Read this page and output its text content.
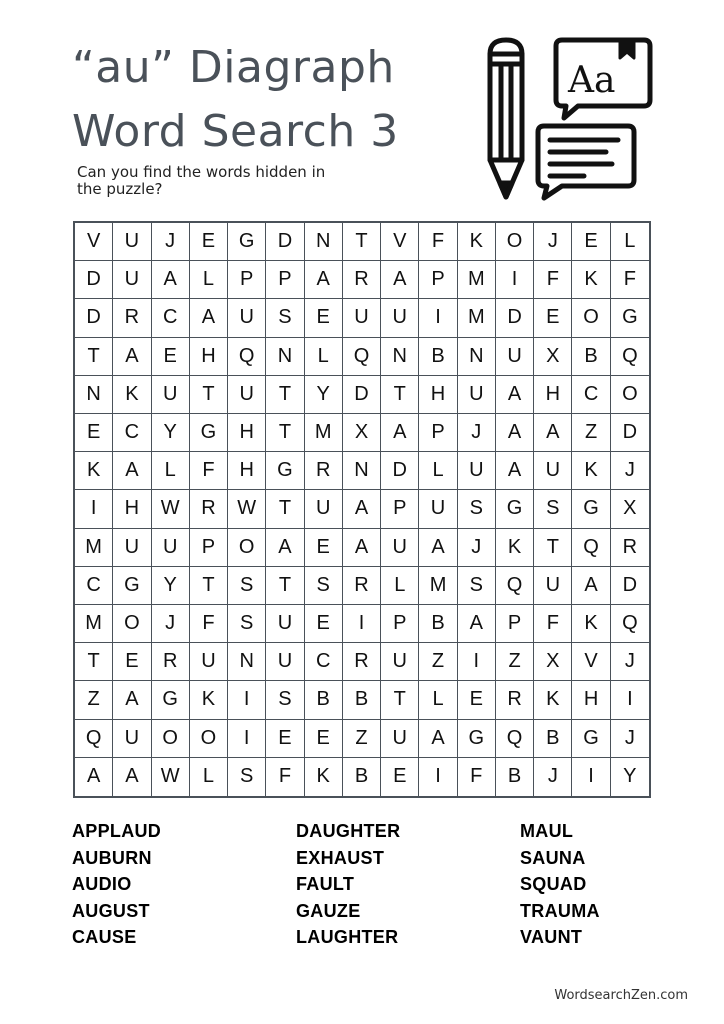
“au” Diagraph
Word Search 3
Can you find the words hidden in the puzzle?
Aa
V	U	J	E	G	D	N	T	V	F	K	O	J	E	L
D	U	A	L	P	P	A	R	A	P	M	I	F	K	F
D	R	C	A	U	S	E	U	U	I	M	D	E	O	G
T	A	E	H	Q	N	L	Q	N	B	N	U	X	B	Q
N	K	U	T	U	T	Y	D	T	H	U	A	H	C	O
E	C	Y	G	H	T	M	X	A	P	J	A	A	Z	D
K	A	L	F	H	G	R	N	D	L	U	A	U	K	J
I	H	W	R	W	T	U	A	P	U	S	G	S	G	X
M	U	U	P	O	A	E	A	U	A	J	K	T	Q	R
C	G	Y	T	S	T	S	R	L	M	S	Q	U	A	D
M	O	J	F	S	U	E	I	P	B	A	P	F	K	Q
T	E	R	U	N	U	C	R	U	Z	I	Z	X	V	J
Z	A	G	K	I	S	B	B	T	L	E	R	K	H	I
Q	U	O	O	I	E	E	Z	U	A	G	Q	B	G	J
A	A	W	L	S	F	K	B	E	I	F	B	J	I	Y
APPLAUD
AUBURN
AUDIO
AUGUST
CAUSE
DAUGHTER
EXHAUST
FAULT
GAUZE
LAUGHTER
MAUL
SAUNA
SQUAD
TRAUMA
VAUNT
WordsearchZen.com
